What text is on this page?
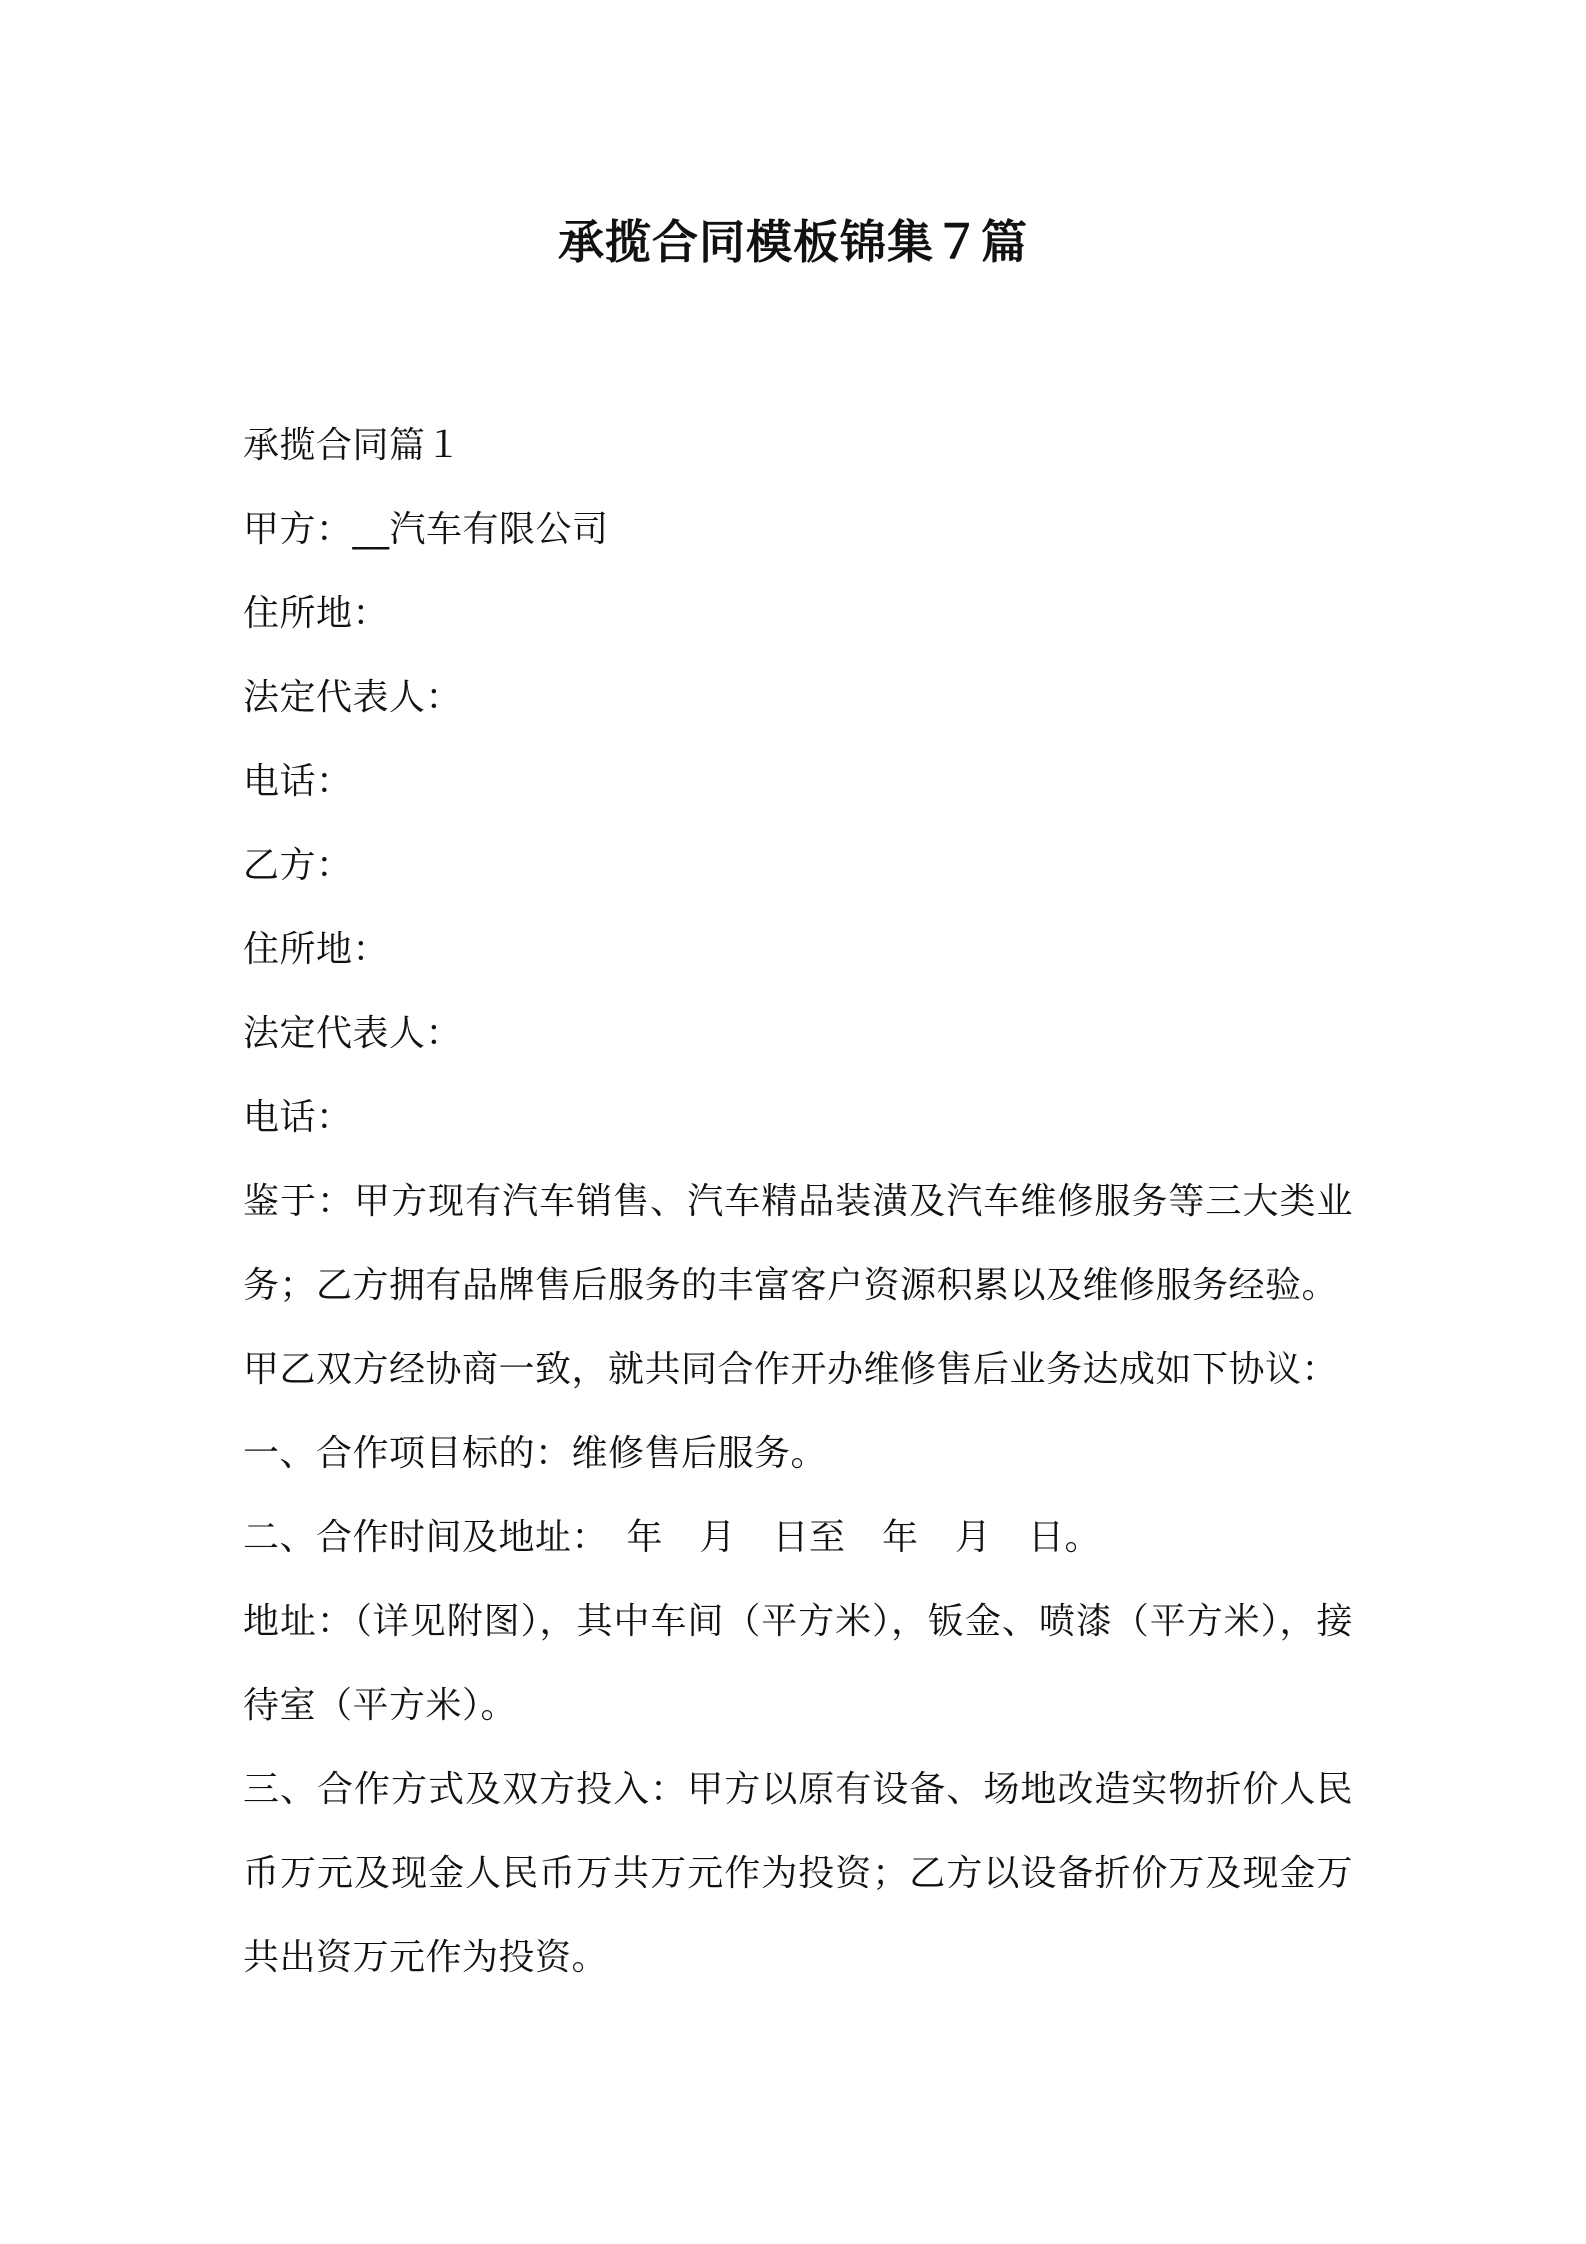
承揽合同模板锦集７篇

承揽合同篇１

甲方：__汽车有限公司

住所地：

法定代表人：

电话：

乙方：

住所地：

法定代表人：

电话：

鉴于：甲方现有汽车销售、汽车精品装潢及汽车维修服务等三大类业务；乙方拥有品牌售后服务的丰富客户资源积累以及维修服务经验。

甲乙双方经协商一致，就共同合作开办维修售后业务达成如下协议：

一、合作项目标的：维修售后服务。

二、合作时间及地址：　年　月　日至　年　月　日。

地址：（详见附图），其中车间（平方米），钣金、喷漆（平方米），接待室（平方米）。

三、合作方式及双方投入：甲方以原有设备、场地改造实物折价人民币万元及现金人民币万共万元作为投资；乙方以设备折价万及现金万共出资万元作为投资。
